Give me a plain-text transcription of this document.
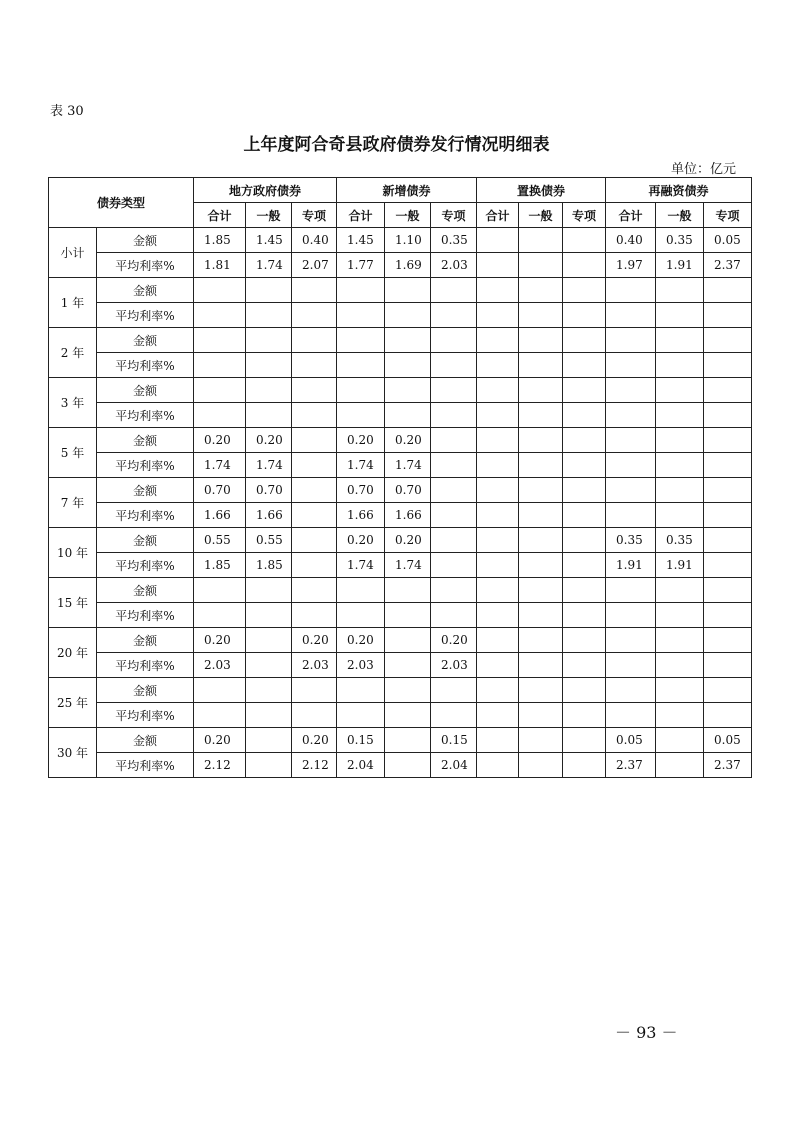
表 30
上年度阿合奇县政府债券发行情况明细表
单位：亿元
债券类型		地方政府债券			新增债券			置换债券			再融资债券		
		合计	一般	专项	合计	一般	专项	合计	一般	专项	合计	一般	专项
小计	金额	1.85	1.45	0.40	1.45	1.10	0.35				0.40	0.35	0.05
	平均利率%	1.81	1.74	2.07	1.77	1.69	2.03				1.97	1.91	2.37
1 年	金额												
	平均利率%												
2 年	金额												
	平均利率%												
3 年	金额												
	平均利率%												
5 年	金额	0.20	0.20		0.20	0.20							
	平均利率%	1.74	1.74		1.74	1.74							
7 年	金额	0.70	0.70		0.70	0.70							
	平均利率%	1.66	1.66		1.66	1.66							
10 年	金额	0.55	0.55		0.20	0.20					0.35	0.35	
	平均利率%	1.85	1.85		1.74	1.74					1.91	1.91	
15 年	金额												
	平均利率%												
20 年	金额	0.20		0.20	0.20		0.20						
	平均利率%	2.03		2.03	2.03		2.03						
25 年	金额												
	平均利率%												
30 年	金额	0.20		0.20	0.15		0.15				0.05		0.05
	平均利率%	2.12		2.12	2.04		2.04				2.37		2.37
－ 93 －
